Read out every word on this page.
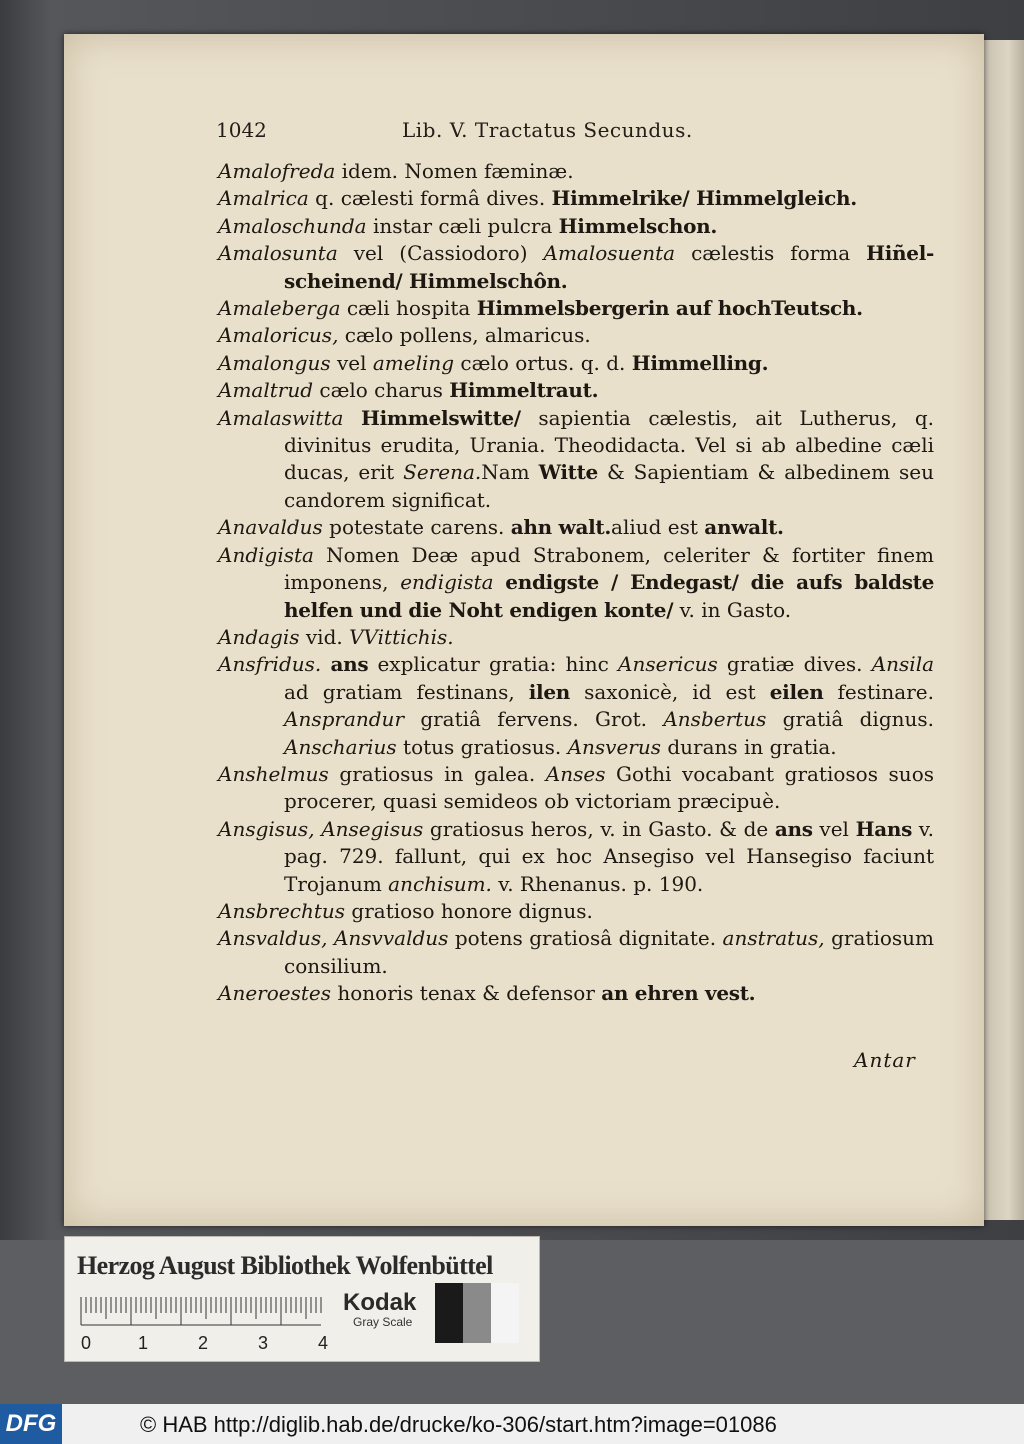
1042	Lib. V. Tractatus Secundus.

Amalofreda idem. Nomen fæminæ.

Amalrica q. cælesti formâ dives. Himmelrike/ Himmelgleich.

Amaloschunda instar cæli pulcra Himmelschon.

Amalosunta vel (Cassiodoro) Amalosuenta cælestis forma Hiñel-scheinend/ Himmelschôn.

Amaleberga cæli hospita Himmelsbergerin auf hochTeutsch.

Amaloricus, cælo pollens, almaricus.

Amalongus vel ameling cælo ortus. q. d. Himmelling.

Amaltrud cælo charus Himmeltraut.

Amalaswitta Himmelswitte/ sapientia cælestis, ait Lutherus, q. divinitus erudita, Urania. Theodidacta. Vel si ab albedine cæli ducas, erit Serena.Nam Witte & Sapientiam & albedinem seu candorem significat.

Anavaldus potestate carens. ahn walt.aliud est anwalt.

Andigista Nomen Deæ apud Strabonem, celeriter & fortiter finem imponens, endigista endigste / Endegast/ die aufs baldste helfen und die Noht endigen konte/ v. in Gasto.

Andagis vid. VVittichis.

Ansfridus. ans explicatur gratia: hinc Ansericus gratiæ dives. Ansila ad gratiam festinans, ilen saxonicè, id est eilen festinare. Ansprandur gratiâ fervens. Grot. Ansbertus gratiâ dignus. Anscharius totus gratiosus. Ansverus durans in gratia.

Anshelmus gratiosus in galea. Anses Gothi vocabant gratiosos suos procerer, quasi semideos ob victoriam præcipuè.

Ansgisus, Ansegisus gratiosus heros, v. in Gasto. & de ans vel Hans v. pag. 729. fallunt, qui ex hoc Ansegiso vel Hansegiso faciunt Trojanum anchisum. v. Rhenanus. p. 190.

Ansbrechtus gratioso honore dignus.

Ansvaldus, Ansvvaldus potens gratiosâ dignitate. anstratus, gratiosum consilium.

Aneroestes honoris tenax & defensor an ehren vest.

Antar
Herzog August Bibliothek Wolfenbüttel
0	1	2	3	4
Kodak
Gray Scale
DFG	© HAB http://diglib.hab.de/drucke/ko-306/start.htm?image=01086
